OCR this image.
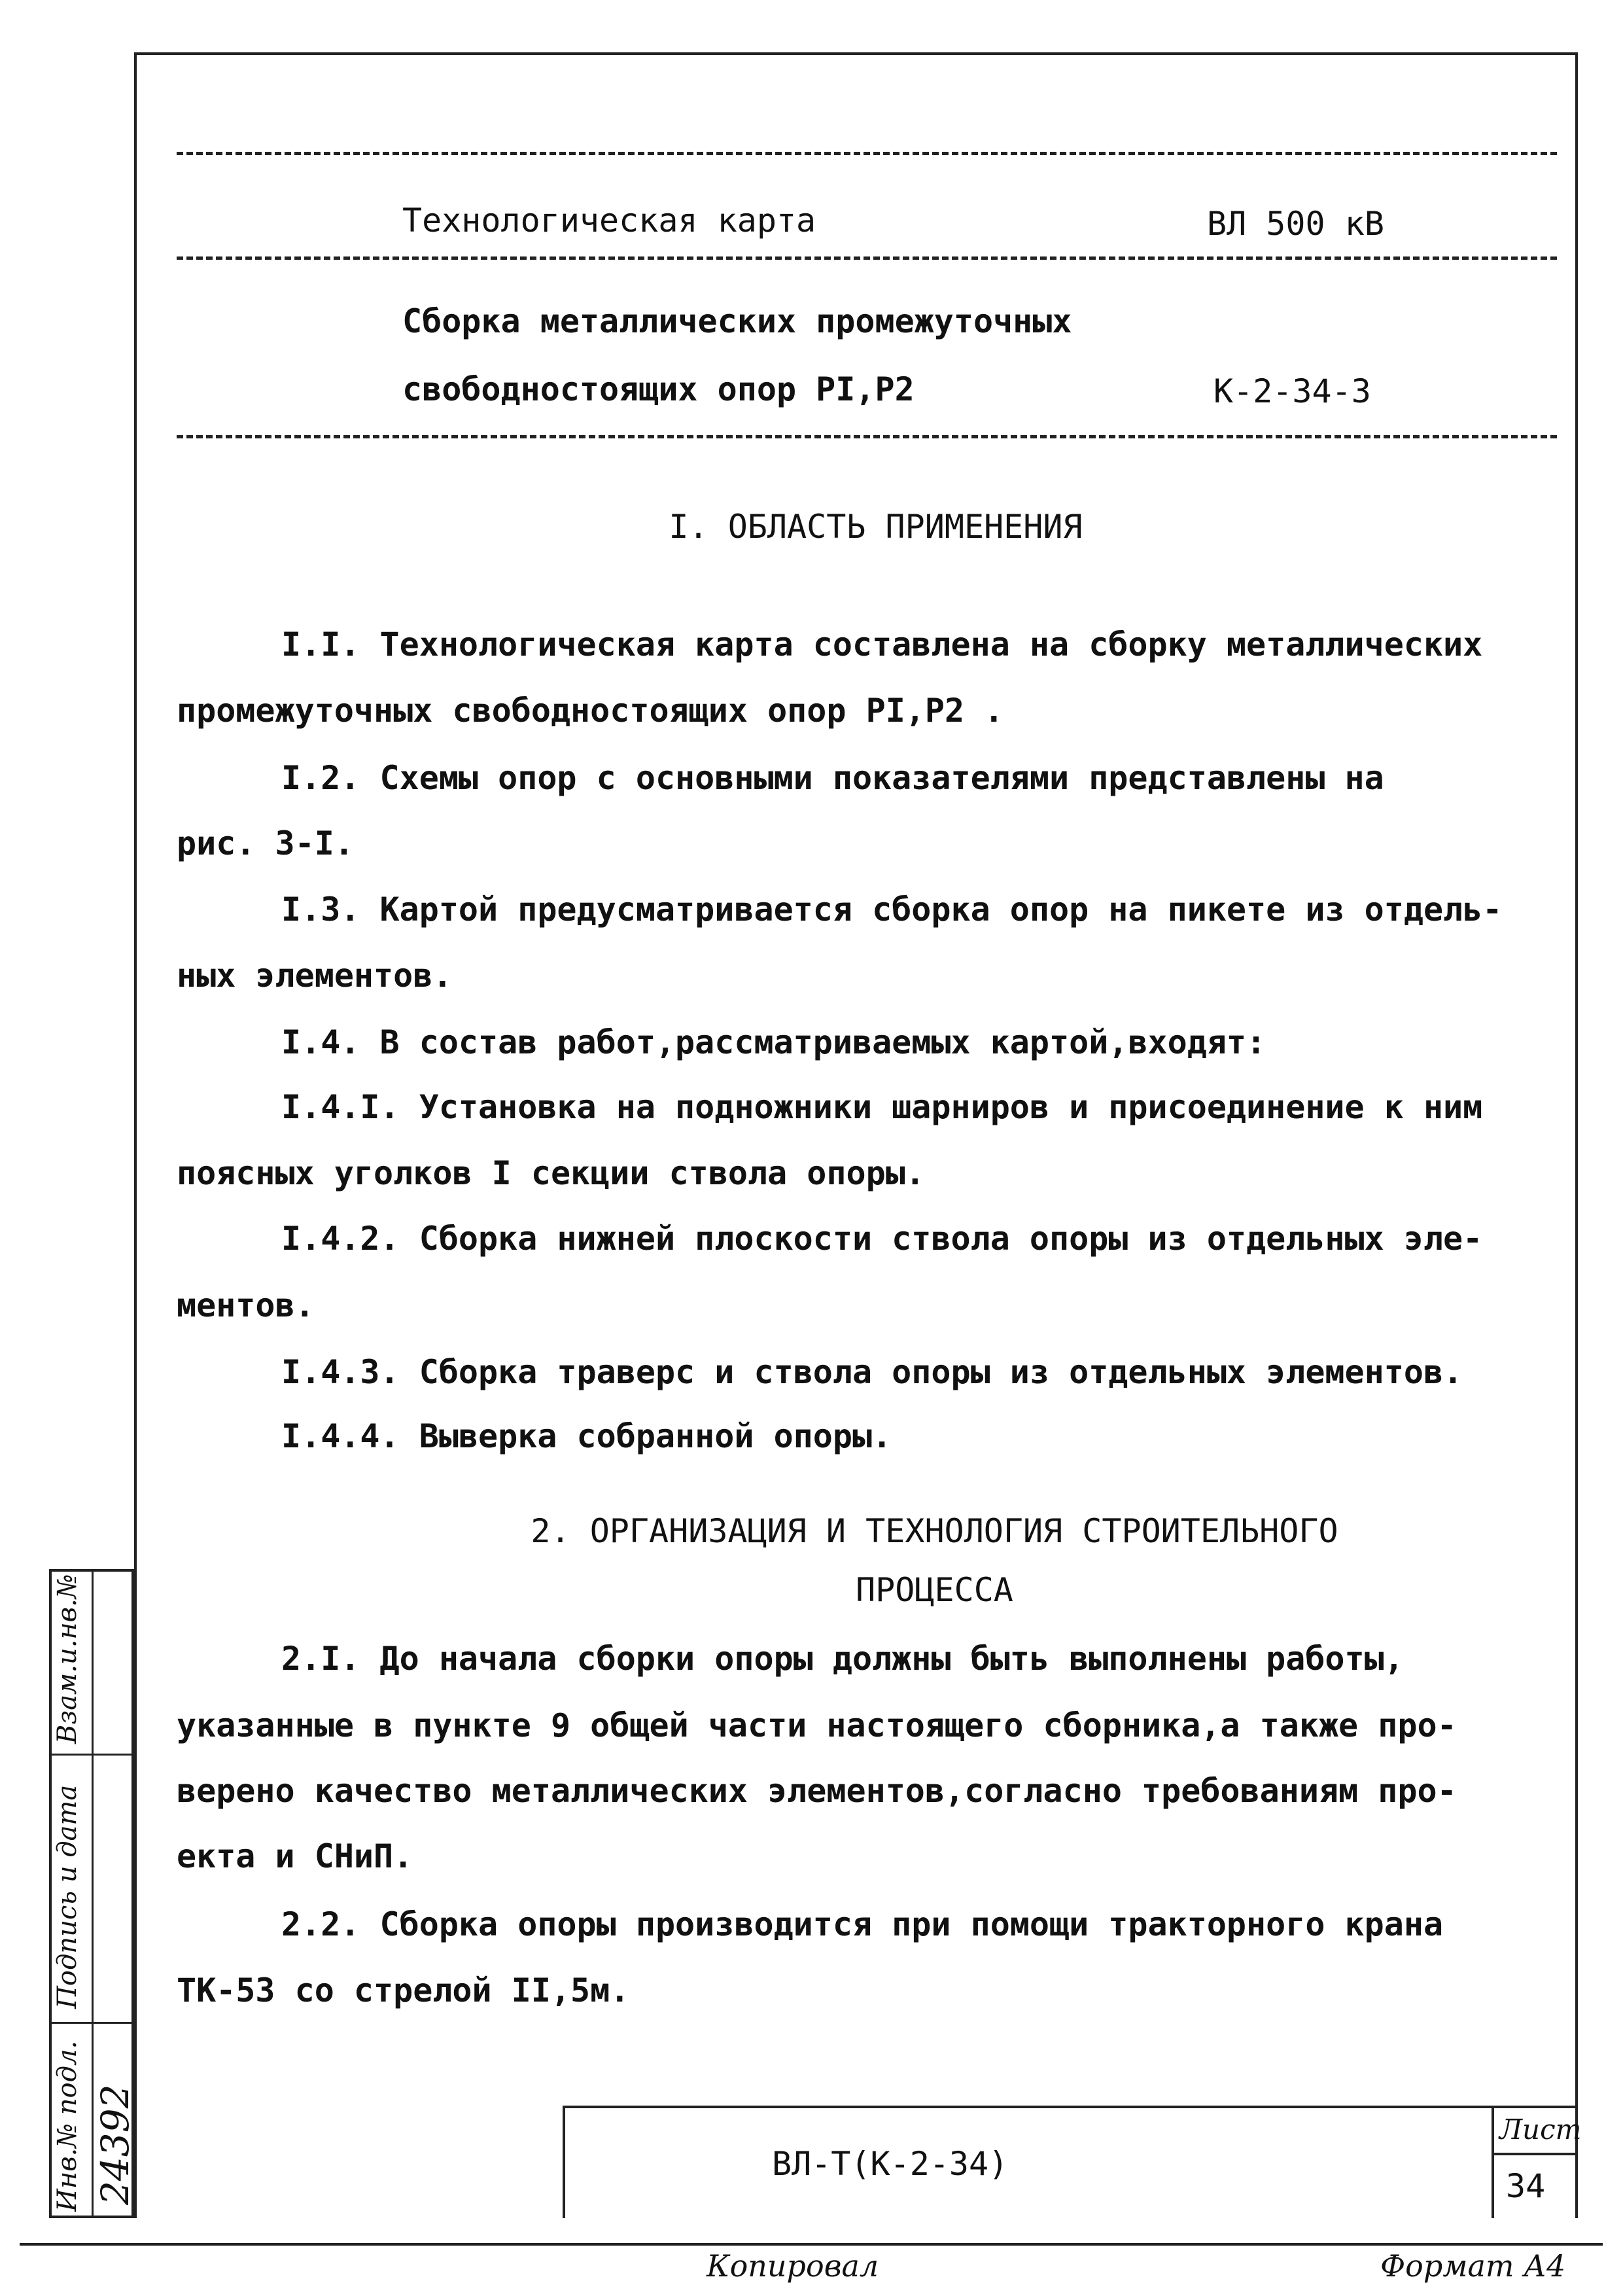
Технологическая карта	ВЛ 500 кВ
Сборка металлических промежуточных
свободностоящих опор PI,P2	К-2-34-3
I. ОБЛАСТЬ ПРИМЕНЕНИЯ
I.I. Технологическая карта составлена на сборку металлических
промежуточных свободностоящих опор PI,P2 .
I.2. Схемы опор с основными показателями представлены на
рис. 3-I.
I.3. Картой предусматривается сборка опор на пикете из отдель-
ных элементов.
I.4. В состав работ,рассматриваемых картой,входят:
I.4.I. Установка на подножники шарниров и присоединение к ним
поясных уголков I секции ствола опоры.
I.4.2. Сборка нижней плоскости ствола опоры из отдельных эле-
ментов.
I.4.3. Сборка траверс и ствола опоры из отдельных элементов.
I.4.4. Выверка собранной опоры.
2. ОРГАНИЗАЦИЯ И ТЕХНОЛОГИЯ СТРОИТЕЛЬНОГО
ПРОЦЕССА
2.I. До начала сборки опоры должны быть выполнены работы,
указанные в пункте 9 общей части настоящего сборника,а также про-
верено качество металлических элементов,согласно требованиям про-
екта и СНиП.
2.2. Сборка опоры производится при помощи тракторного крана
ТК-53 со стрелой II,5м.
ВЛ-Т(К-2-34)
Лист
34
Взам.и.нв.№
Подпись и дата
Инв.№ подл. 24392
Копировал	Формат А4
